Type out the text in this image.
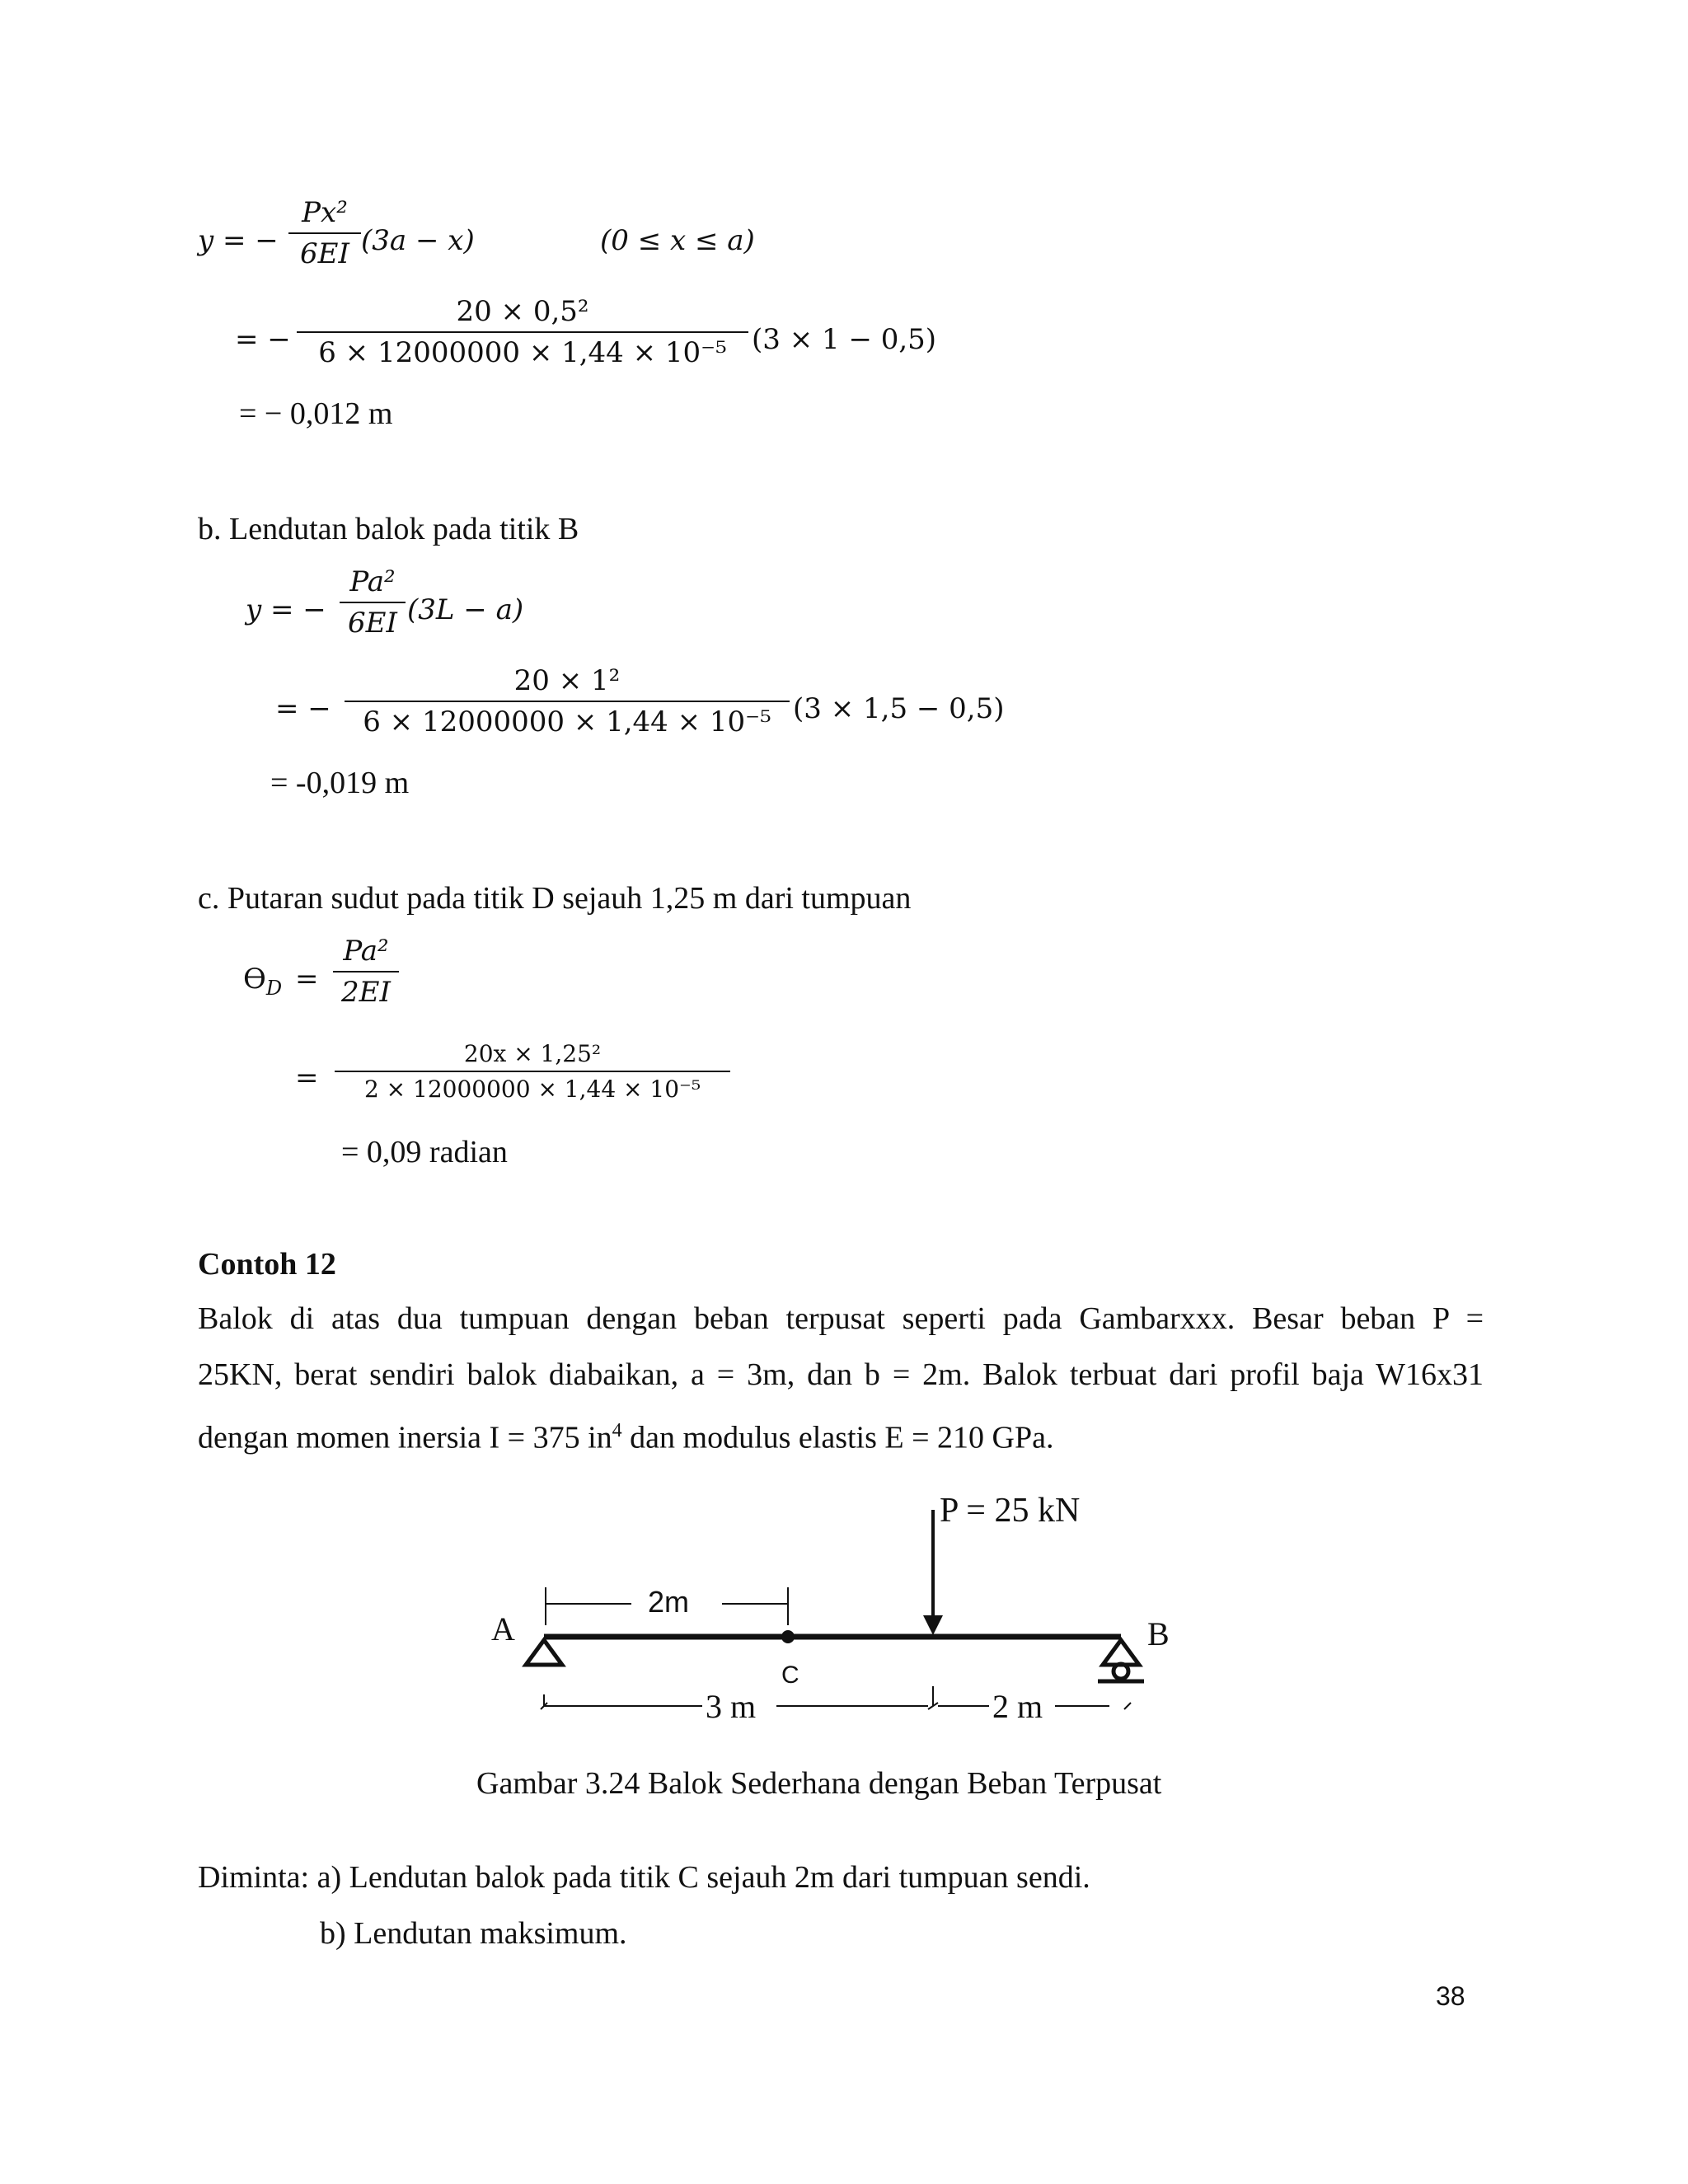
y = −
Px²
6EI (3a − x)	(0 ≤ x ≤ a)
= −
20 × 0,5²
6 × 12000000 × 1,44 × 10⁻⁵ (3 × 1 − 0,5)
= − 0,012 m
b. Lendutan balok pada titik B
y = −
Pa²
6EI (3L − a)
= −
20 × 1²
6 × 12000000 × 1,44 × 10⁻⁵ (3 × 1,5 − 0,5)
= -0,019 m
c. Putaran sudut pada titik D sejauh 1,25 m dari tumpuan
$ϴ_D$ =
Pa²
2EI
=
20x × 1,25²
2 × 12000000 × 1,44 × 10⁻⁵
= 0,09 radian
Contoh 12
Balok di atas dua tumpuan dengan beban terpusat seperti pada Gambarxxx. Besar beban P =
25KN, berat sendiri balok diabaikan, a = 3m, dan b = 2m. Balok terbuat dari profil baja W16x31
dengan momen inersia I = 375 $in^4$ dan modulus elastis E = 210 GPa.
P = 25 kN
2m
C
A	B
3 m	2 m
Gambar 3.24 Balok Sederhana dengan Beban Terpusat
Diminta: a) Lendutan balok pada titik C sejauh 2m dari tumpuan sendi.
b) Lendutan maksimum.
38
